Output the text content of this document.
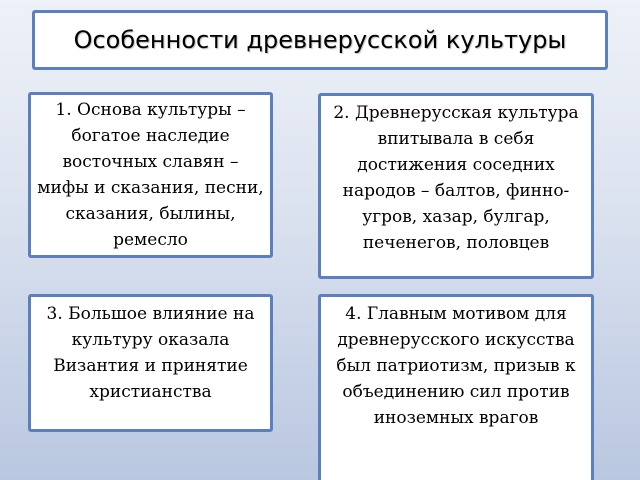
Особенности древнерусской культуры
1. Основа культуры – богатое наследие восточных славян – мифы и сказания, песни, сказания, былины, ремесло
2. Древнерусская культура впитывала в себя достижения соседних народов – балтов, финно-угров, хазар, булгар, печенегов, половцев
3. Большое влияние на культуру оказала Византия и принятие христианства
4. Главным мотивом для древнерусского искусства был патриотизм, призыв к объединению сил против иноземных врагов
